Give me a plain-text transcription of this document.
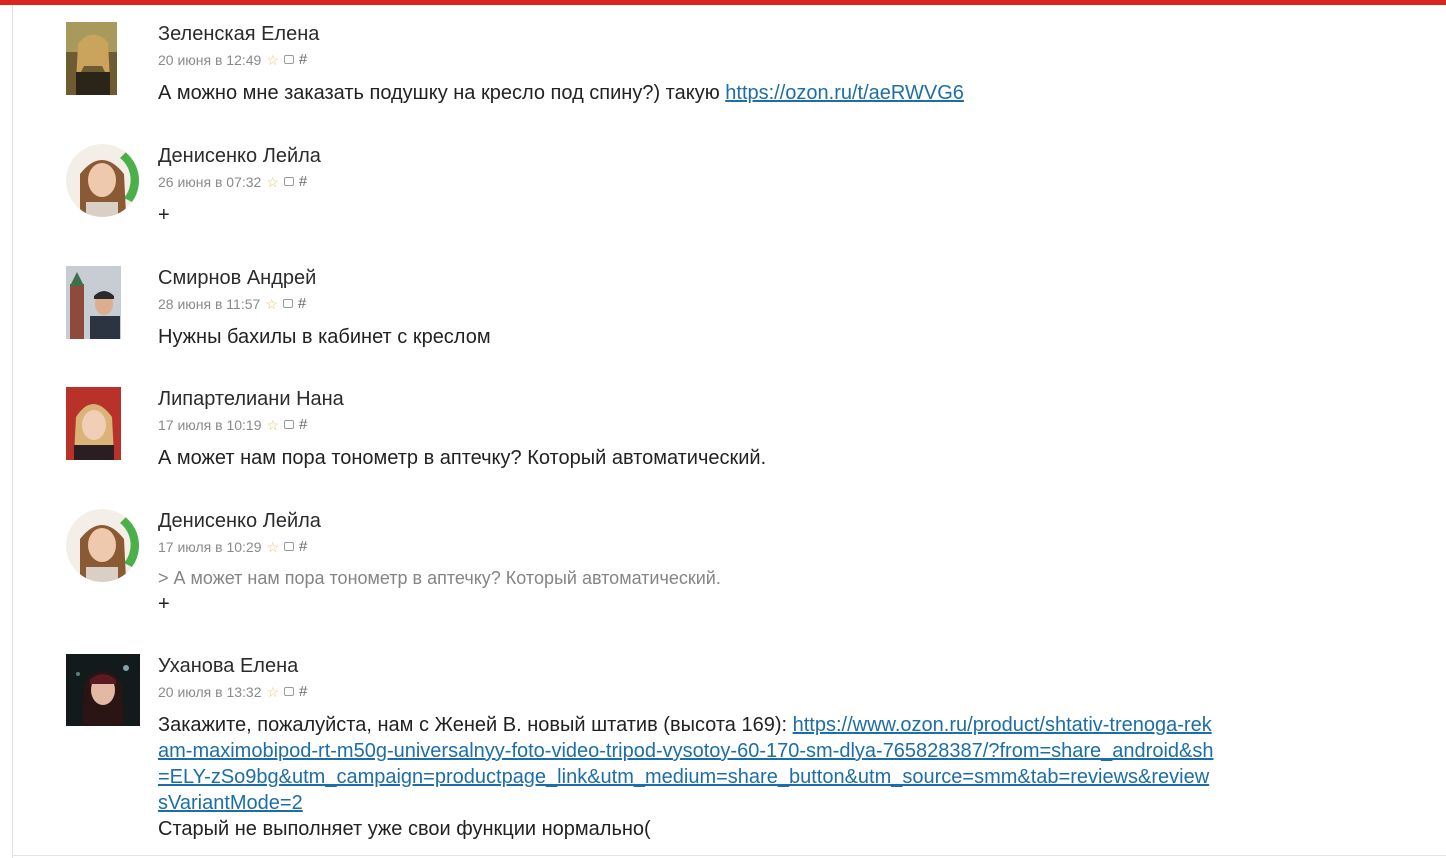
Зеленская Елена
20 июня в 12:49 ☆ #
А можно мне заказать подушку на кресло под спину?) такую https://ozon.ru/t/aeRWVG6
Денисенко Лейла
26 июня в 07:32 ☆ #
+
Смирнов Андрей
28 июня в 11:57 ☆ #
Нужны бахилы в кабинет с креслом
Липартелиани Нана
17 июля в 10:19 ☆ #
А может нам пора тонометр в аптечку? Который автоматический.
Денисенко Лейла
17 июля в 10:29 ☆ #
> А может нам пора тонометр в аптечку? Который автоматический.
+
Уханова Елена
20 июля в 13:32 ☆ #
Закажите, пожалуйста, нам с Женей В. новый штатив (высота 169): https://www.ozon.ru/product/shtativ-trenoga-rekam-maximobipod-rt-m50g-universalnyy-foto-video-tripod-vysotoy-60-170-sm-dlya-765828387/?from=share_android&sh=ELY-zSo9bg&utm_campaign=productpage_link&utm_medium=share_button&utm_source=smm&tab=reviews&reviewsVariantMode=2
Старый не выполняет уже свои функции нормально(
